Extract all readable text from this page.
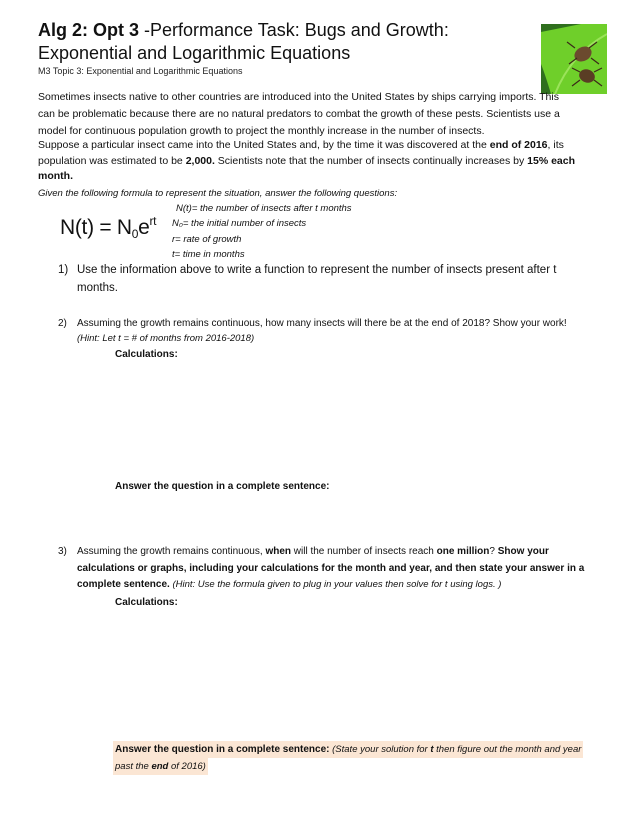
Alg 2: Opt 3 -Performance Task: Bugs and Growth:
Exponential and Logarithmic Equations
M3 Topic 3: Exponential and Logarithmic Equations
Sometimes insects native to other countries are introduced into the United States by ships carrying imports. This
can be problematic because there are no natural predators to combat the growth of these pests. Scientists use a
model for continuous population growth to project the monthly increase in the number of insects.
Suppose a particular insect came into the United States and, by the time it was discovered at the end of 2016, its
population was estimated to be 2,000. Scientists note that the number of insects continually increases by 15% each
month.
Given the following formula to represent the situation, answer the following questions:
$N(t) = N_0e^{rt}$
N(t)= the number of insects after t months
N₀= the initial number of insects
r= rate of growth
t= time in months
1) Use the information above to write a function to represent the number of insects present after t
months.
2) Assuming the growth remains continuous, how many insects will there be at the end of 2018? Show your work!
(Hint: Let t = # of months from 2016-2018)
Calculations:
Answer the question in a complete sentence:
3) Assuming the growth remains continuous, when will the number of insects reach one million? Show your
calculations or graphs, including your calculations for the month and year, and then state your answer in a
complete sentence. (Hint: Use the formula given to plug in your values then solve for t using logs. )
Calculations:
Answer the question in a complete sentence: (State your solution for t then figure out the month and year
past the end of 2016)
